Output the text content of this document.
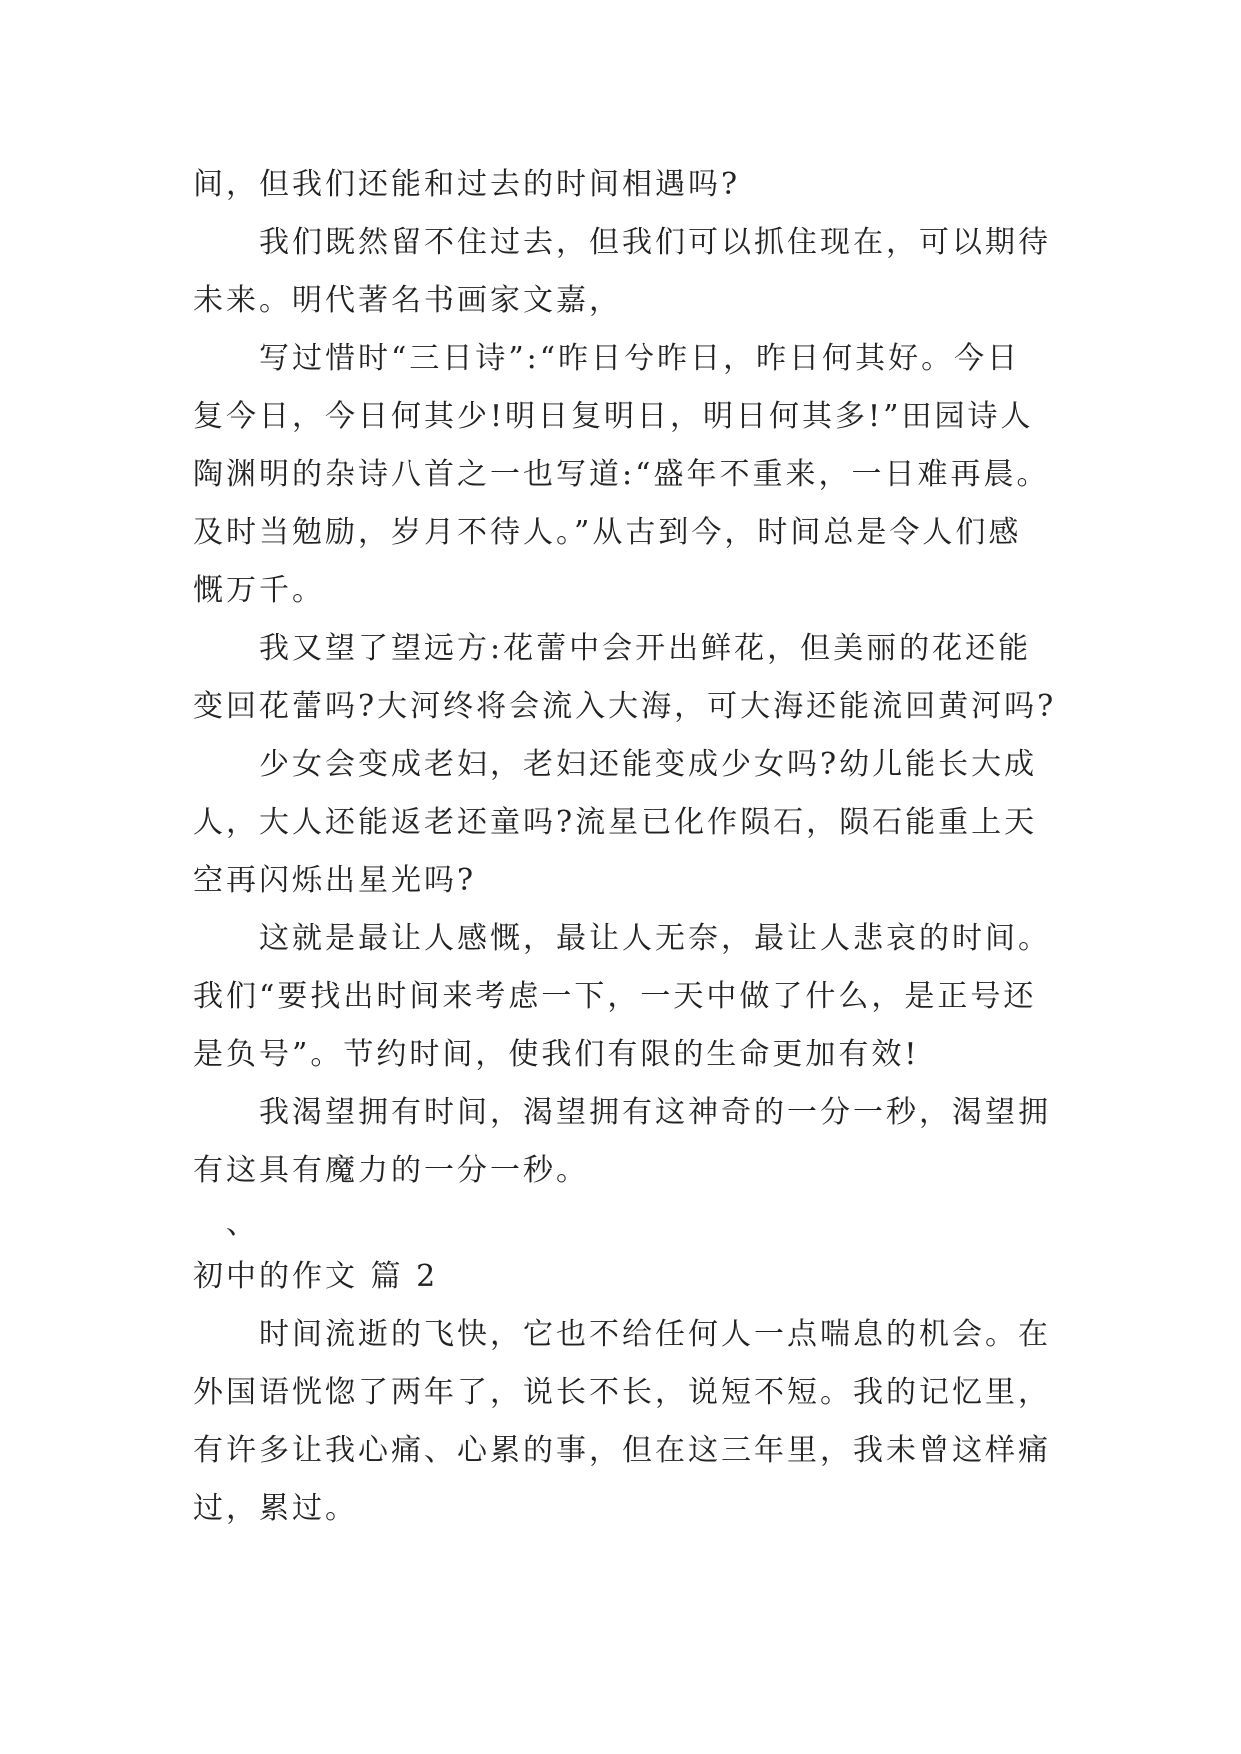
间，但我们还能和过去的时间相遇吗?
我们既然留不住过去，但我们可以抓住现在，可以期待
未来。明代著名书画家文嘉，
写过惜时“三日诗”:“昨日兮昨日，昨日何其好。今日
复今日，今日何其少!明日复明日，明日何其多!”田园诗人
陶渊明的杂诗八首之一也写道:“盛年不重来，一日难再晨。
及时当勉励，岁月不待人。”从古到今，时间总是令人们感
慨万千。
我又望了望远方:花蕾中会开出鲜花，但美丽的花还能
变回花蕾吗?大河终将会流入大海，可大海还能流回黄河吗?
少女会变成老妇，老妇还能变成少女吗?幼儿能长大成
人，大人还能返老还童吗?流星已化作陨石，陨石能重上天
空再闪烁出星光吗?
这就是最让人感慨，最让人无奈，最让人悲哀的时间。
我们“要找出时间来考虑一下，一天中做了什么，是正号还
是负号”。节约时间，使我们有限的生命更加有效!
我渴望拥有时间，渴望拥有这神奇的一分一秒，渴望拥
有这具有魔力的一分一秒。
、
初中的作文 篇 2
时间流逝的飞快，它也不给任何人一点喘息的机会。在
外国语恍惚了两年了，说长不长，说短不短。我的记忆里，
有许多让我心痛、心累的事，但在这三年里，我未曾这样痛
过，累过。
